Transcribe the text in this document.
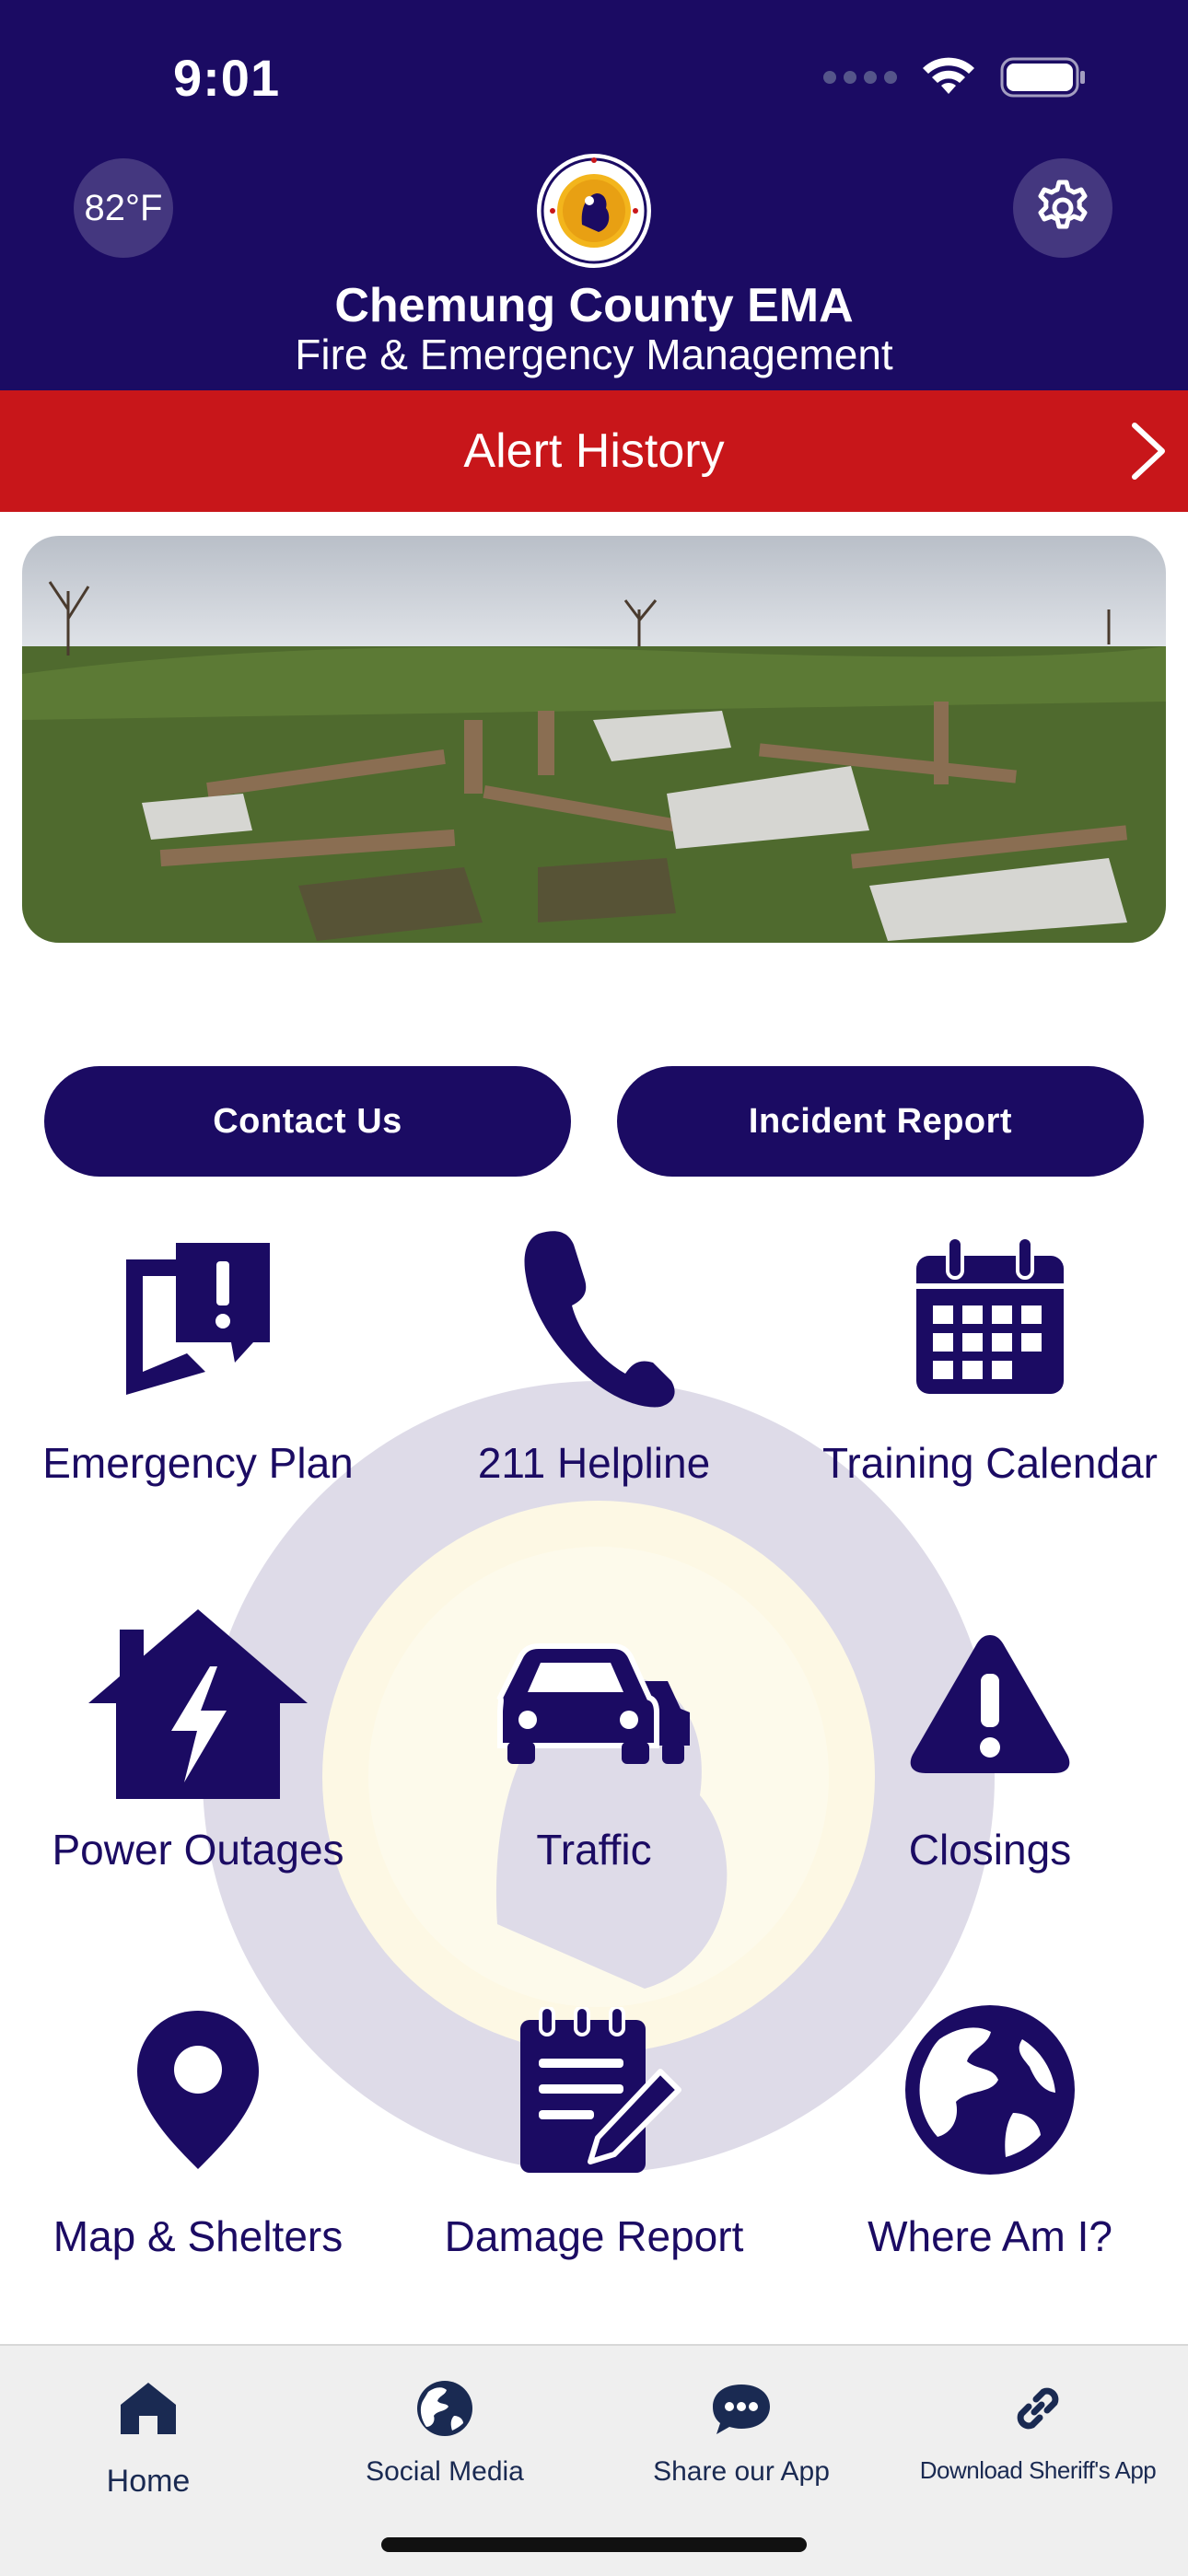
9:01
82°F
Chemung County EMA
Fire & Emergency Management
Alert History
Contact Us	Incident Report
Emergency Plan	211 Helpline	Training Calendar
Power Outages	Traffic	Closings
Map & Shelters	Damage Report	Where Am I?
Home	Social Media	Share our App	Download Sheriff's App
